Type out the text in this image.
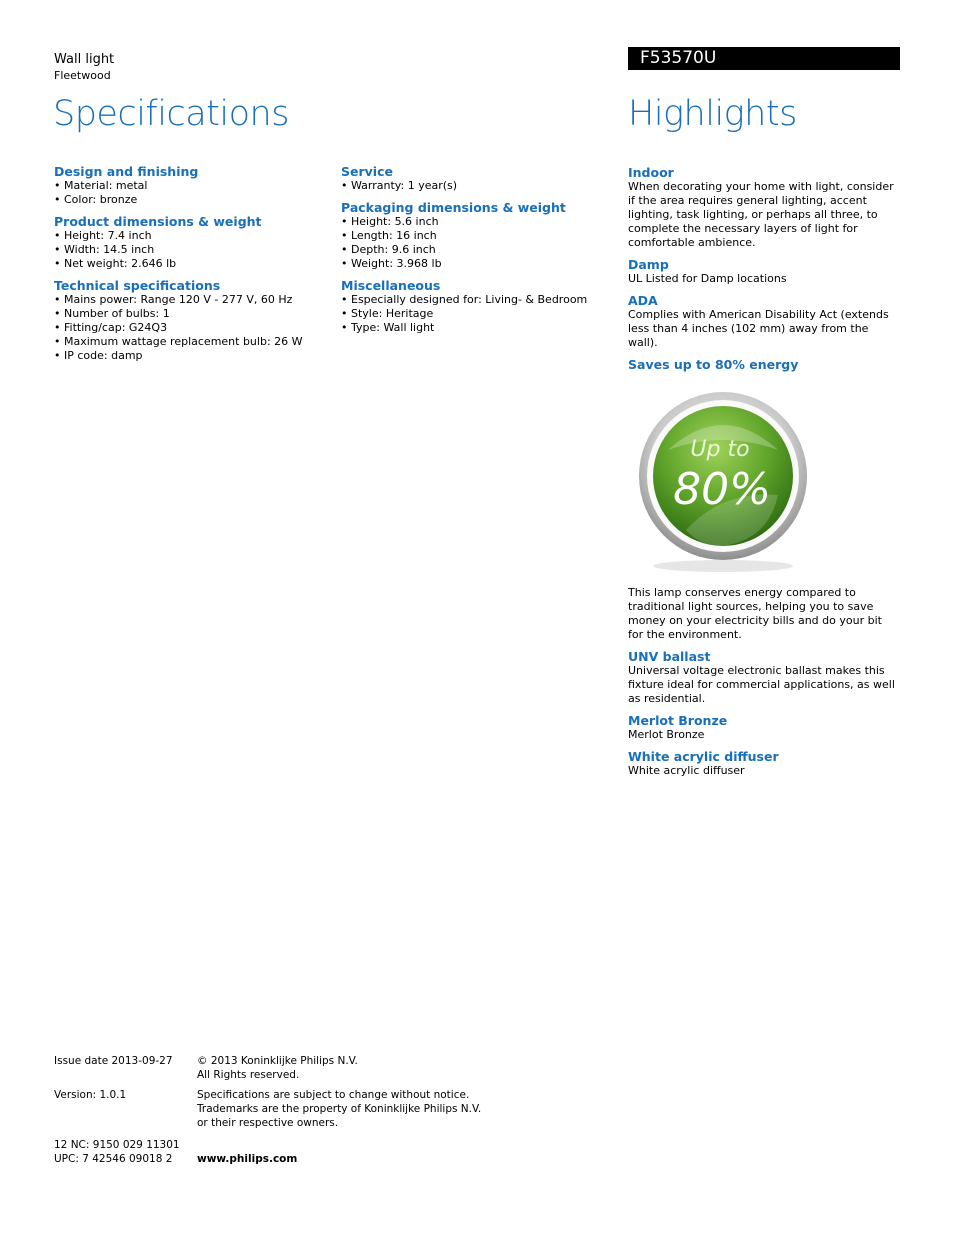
Wall light
Fleetwood
F53570U
Specifications	Highlights
Design and finishing
• Material: metal
• Color: bronze
Product dimensions & weight
• Height: 7.4 inch
• Width: 14.5 inch
• Net weight: 2.646 lb
Technical specifications
• Mains power: Range 120 V - 277 V, 60 Hz
• Number of bulbs: 1
• Fitting/cap: G24Q3
• Maximum wattage replacement bulb: 26 W
• IP code: damp
Service
• Warranty: 1 year(s)
Packaging dimensions & weight
• Height: 5.6 inch
• Length: 16 inch
• Depth: 9.6 inch
• Weight: 3.968 lb
Miscellaneous
• Especially designed for: Living- & Bedroom
• Style: Heritage
• Type: Wall light
Indoor

When decorating your home with light, consider if the area requires general lighting, accent lighting, task lighting, or perhaps all three, to complete the necessary layers of light for comfortable ambience.

Damp

UL Listed for Damp locations

ADA

Complies with American Disability Act (extends less than 4 inches (102 mm) away from the wall).

Saves up to 80% energy
Up to
80%

This lamp conserves energy compared to traditional light sources, helping you to save money on your electricity bills and do your bit for the environment.

UNV ballast

Universal voltage electronic ballast makes this fixture ideal for commercial applications, as well as residential.

Merlot Bronze

Merlot Bronze

White acrylic diffuser

White acrylic diffuser

Issue date 2013-09-27
Version: 1.0.1
12 NC: 9150 029 11301
UPC: 7 42546 09018 2
© 2013 Koninklijke Philips N.V.
All Rights reserved.
Specifications are subject to change without notice.
Trademarks are the property of Koninklijke Philips N.V.
or their respective owners.
www.philips.com
